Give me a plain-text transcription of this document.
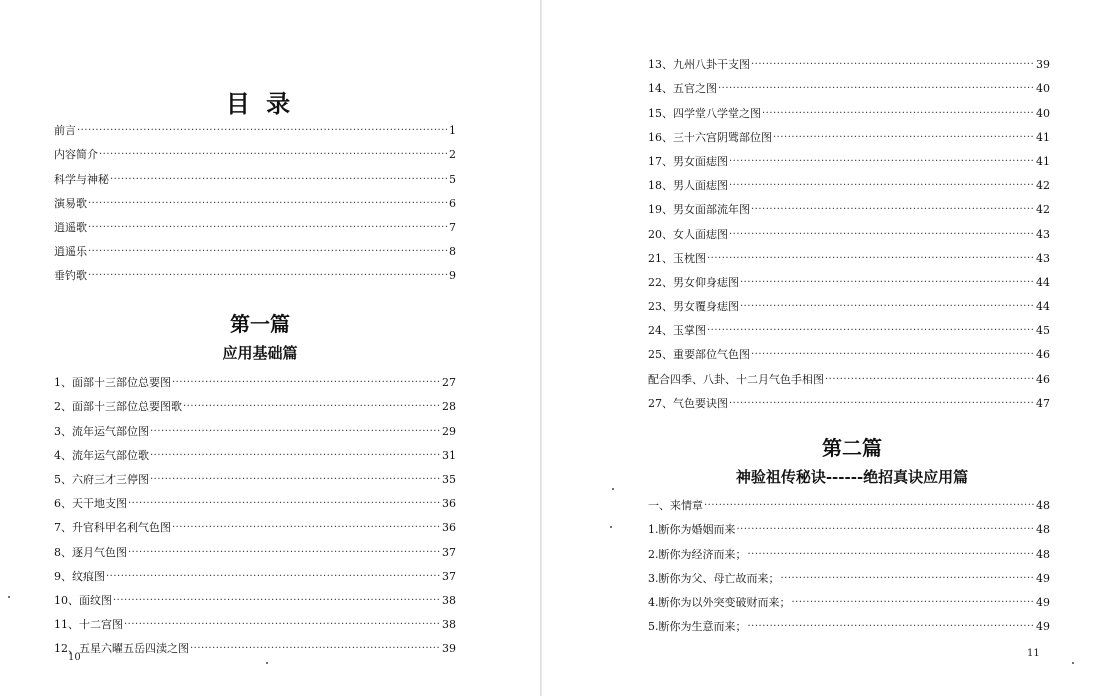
目 录
前言 ·····	1
内容简介 ·····	2
科学与神秘 ·····	5
演易歌 ·····	6
逍遥歌 ·····	7
逍遥乐 ·····	8
垂钓歌 ·····	9
第一篇
应用基础篇
1、面部十三部位总要图 ·····	27
2、面部十三部位总要图歌 ·····	28
3、流年运气部位图 ·····	29
4、流年运气部位歌 ·····	31
5、六府三才三停图 ·····	35
6、天干地支图 ·····	36
7、升官科甲名利气色图 ·····	36
8、逐月气色图 ·····	37
9、纹痕图 ·····	37
10、面纹图 ·····	38
11、十二宫图 ·····	38
12、五星六曜五岳四渎之图 ·····	39
10
13、九州八卦干支图 ·····	39
14、五官之图 ·····	40
15、四学堂八学堂之图 ·····	40
16、三十六宫阴骘部位图 ·····	41
17、男女面痣图 ·····	41
18、男人面痣图 ·····	42
19、男女面部流年图 ·····	42
20、女人面痣图 ·····	43
21、玉枕图 ·····	43
22、男女仰身痣图 ·····	44
23、男女覆身痣图 ·····	44
24、玉掌图 ·····	45
25、重要部位气色图 ·····	46
配合四季、八卦、十二月气色手相图 ·····	46
27、气色要诀图 ·····	47
第二篇
神验祖传秘诀------绝招真诀应用篇
一、来情章 ·····	48
1.断你为婚姻而来 ·····	48
2.断你为经济而来； ·····	48
3.断你为父、母亡故而来； ·····	49
4.断你为以外突变破财而来； ·····	49
5.断你为生意而来； ·····	49
11
